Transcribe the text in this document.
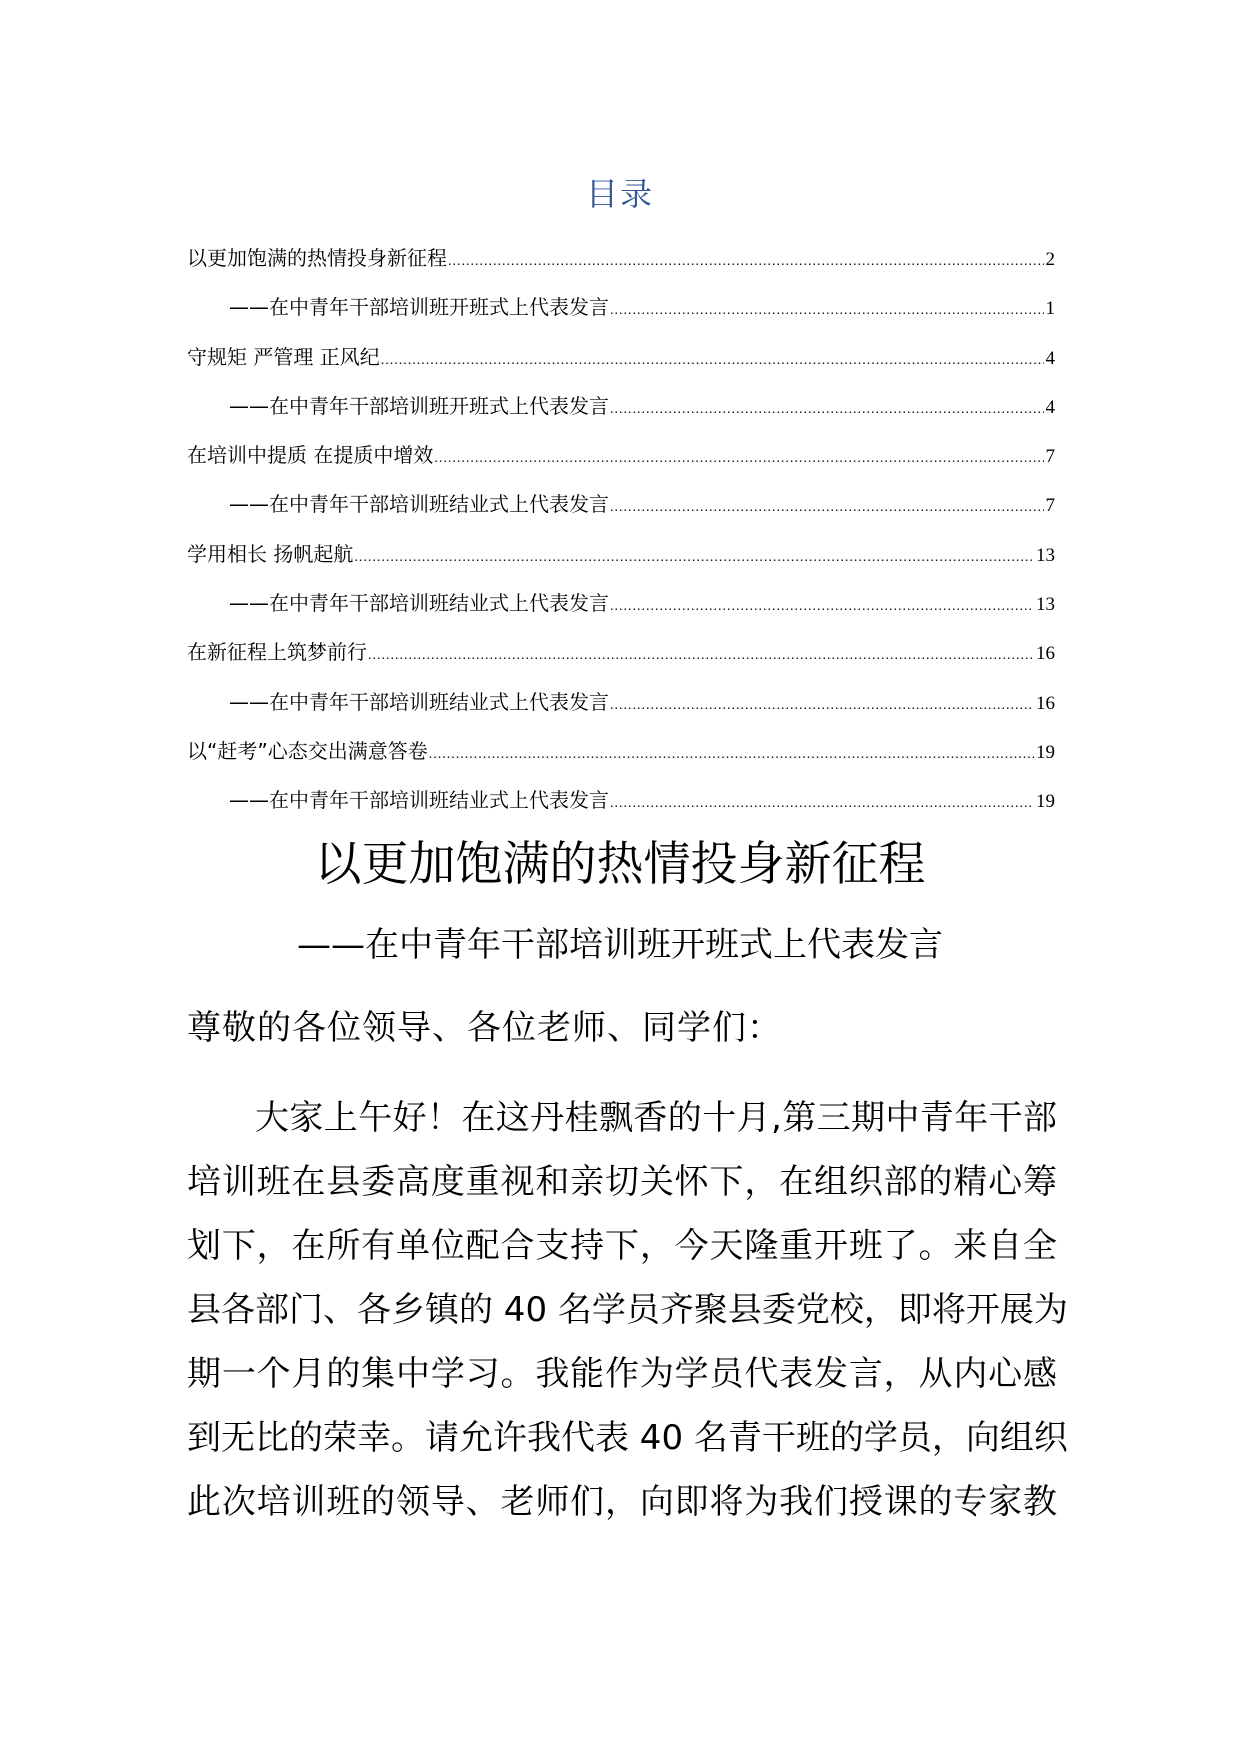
目录
以更加饱满的热情投身新征程 .....	2
——在中青年干部培训班开班式上代表发言 .....	1
守规矩 严管理 正风纪 .....	4
——在中青年干部培训班开班式上代表发言 .....	4
在培训中提质 在提质中增效 .....	7
——在中青年干部培训班结业式上代表发言 .....	7
学用相长 扬帆起航 .....	13
——在中青年干部培训班结业式上代表发言 .....	13
在新征程上筑梦前行 .....	16
——在中青年干部培训班结业式上代表发言 .....	16
以“赶考”心态交出满意答卷 .....	19
——在中青年干部培训班结业式上代表发言 .....	19
以更加饱满的热情投身新征程
——在中青年干部培训班开班式上代表发言
尊敬的各位领导、各位老师、同学们：
大家上午好！在这丹桂飘香的十月,第三期中青年干部
培训班在县委高度重视和亲切关怀下，在组织部的精心筹
划下，在所有单位配合支持下，今天隆重开班了。来自全
县各部门、各乡镇的 40 名学员齐聚县委党校，即将开展为
期一个月的集中学习。我能作为学员代表发言，从内心感
到无比的荣幸。请允许我代表 40 名青干班的学员，向组织
此次培训班的领导、老师们，向即将为我们授课的专家教
